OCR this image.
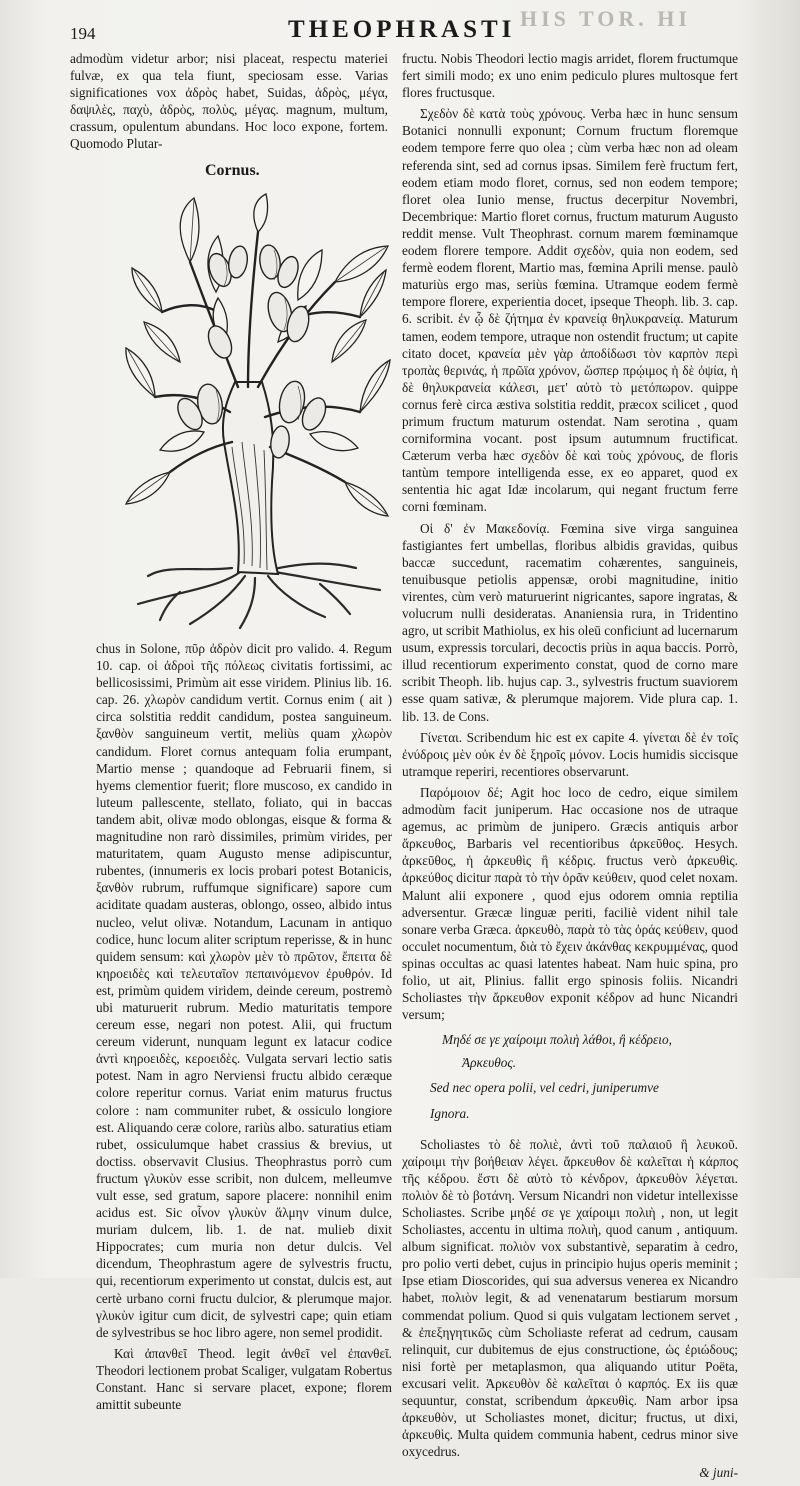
HIS TOR. HI
194	THEOPHRASTI

admodùm videtur arbor; nisi placeat, respectu materiei fulvæ, ex qua tela fiunt, speciosam esse. Varias significationes vox ἀδρὸς habet, Suidas, ἀδρὸς, μέγα, δαψιλὲς, παχὺ, ἀδρὸς, πολὺς, μέγας. magnum, multum, crassum, opulentum abundans. Hoc loco expone, fortem. Quomodo Plutar-

Cornus.

chus in Solone, πῦρ ἀδρὸν dicit pro valido. 4. Regum 10. cap. οἱ ἀδροὶ τῆς πόλεως civitatis fortissimi, ac bellicosissimi, Primùm ait esse viridem. Plinius lib. 16. cap. 26. χλωρὸν candidum vertit. Cornus enim ( ait ) circa solstitia reddit candidum, postea sanguineum. ξανθὸν sanguineum vertit, meliùs quam χλωρὸν candidum. Floret cornus antequam folia erumpant, Martio mense ; quandoque ad Februarii finem, si hyems clementior fuerit; flore muscoso, ex candido in luteum pallescente, stellato, foliato, qui in baccas tandem abit, olivæ modo oblongas, eisque & forma & magnitudine non rarò dissimiles, primùm virides, per maturitatem, quam Augusto mense adipiscuntur, rubentes, (innumeris ex locis probari potest Botanicis, ξανθὸν rubrum, ruffumque significare) sapore cum aciditate quadam austeras, oblongo, osseo, albido intus nucleo, velut olivæ. Notandum, Lacunam in antiquo codice, hunc locum aliter scriptum reperisse, & in hunc quidem sensum: καὶ χλωρὸν μὲν τὸ πρῶτον, ἔπειτα δὲ κηροειδὲς καὶ τελευταῖον πεπαινόμενον ἐρυθρόν. Id est, primùm quidem viridem, deinde cereum, postremò ubi maturuerit rubrum. Medio maturitatis tempore cereum esse, negari non potest. Alii, qui fructum cereum viderunt, nunquam legunt ex latacur codice ἀντὶ κηροειδὲς, κεροειδὲς. Vulgata servari lectio satis potest. Nam in agro Nerviensi fructu albido ceræque colore reperitur cornus. Variat enim maturus fructus colore : nam communiter rubet, & ossiculo longiore est. Aliquando ceræ colore, rariùs albo. saturatius etiam rubet, ossiculumque habet crassius & brevius, ut doctiss. observavit Clusius. Theophrastus porrò cum fructum γλυκὺν esse scribit, non dulcem, melleumve vult esse, sed gratum, sapore placere: nonnihil enim acidus est. Sic οἶνον γλυκὺν ἅλμην vinum dulce, muriam dulcem, lib. 1. de nat. mulieb dixit Hippocrates; cum muria non detur dulcis. Vel dicendum, Theophrastum agere de sylvestris fructu, qui, recentiorum experimento ut constat, dulcis est, aut certè urbano corni fructu dulcior, & plerumque major. γλυκὺν igitur cum dicit, de sylvestri cape; quin etiam de sylvestribus se hoc libro agere, non semel prodidit.

Καὶ ἀπανθεῖ Theod. legit ἀνθεῖ vel ἐπανθεῖ. Theodori lectionem probat Scaliger, vulgatam Robertus Constant. Hanc si servare placet, expone; florem amittit subeunte

fructu. Nobis Theodori lectio magis arridet, florem fructumque fert simili modo; ex uno enim pediculo plures multosque fert flores fructusque.

Σχεδὸν δὲ κατὰ τοὺς χρόνους. Verba hæc in hunc sensum Botanici nonnulli exponunt; Cornum fructum floremque eodem tempore ferre quo olea ; cùm verba hæc non ad oleam referenda sint, sed ad cornus ipsas. Similem ferè fructum fert, eodem etiam modo floret, cornus, sed non eodem tempore; floret olea Iunio mense, fructus decerpitur Novembri, Decembrique: Martio floret cornus, fructum maturum Augusto reddit mense. Vult Theophrast. cornum marem fœminamque eodem florere tempore. Addit σχεδὸν, quia non eodem, sed fermè eodem florent, Martio mas, fœmina Aprili mense. paulò maturiùs ergo mas, seriùs fœmina. Utramque eodem fermè tempore florere, experientia docet, ipseque Theoph. lib. 3. cap. 6. scribit. ἐν ᾧ δὲ ζήτημα ἐν κρανείᾳ θηλυκρανείᾳ. Maturum tamen, eodem tempore, utraque non ostendit fructum; ut capite citato docet, κρανεία μὲν γὰρ ἀποδίδωσι τὸν καρπὸν περὶ τροπὰς θερινάς, ἡ πρῶϊα χρόνον, ὥσπερ πρῴιμος ἡ δὲ ὀψία, ἡ δὲ θηλυκρανεία κάλεσι, μετ' αὐτὸ τὸ μετόπωρον. quippe cornus ferè circa æstiva solstitia reddit, præcox scilicet , quod primum fructum maturum ostendat. Nam serotina , quam corniformina vocant. post ipsum autumnum fructificat. Cæterum verba hæc σχεδὸν δὲ καὶ τοὺς χρόνους, de floris tantùm tempore intelligenda esse, ex eo apparet, quod ex sententia hic agat Idæ incolarum, qui negant fructum ferre corni fœminam.

Οἱ δ' ἐν Μακεδονίᾳ. Fœmina sive virga sanguinea fastigiantes fert umbellas, floribus albidis gravidas, quibus baccæ succedunt, racematim cohærentes, sanguineis, tenuibusque petiolis appensæ, orobi magnitudine, initio virentes, cùm verò maturuerint nigricantes, sapore ingratas, & volucrum nulli desideratas. Ananiensia rura, in Tridentino agro, ut scribit Mathiolus, ex his oleū conficiunt ad lucernarum usum, expressis torculari, decoctis priùs in aqua baccis. Porrò, illud recentiorum experimento constat, quod de corno mare scribit Theoph. lib. hujus cap. 3., sylvestris fructum suaviorem esse quam sativæ, & plerumque majorem. Vide plura cap. 1. lib. 13. de Cons.

Γίνεται. Scribendum hic est ex capite 4. γίνεται δὲ ἐν τοῖς ἐνύδροις μὲν οὐκ ἐν δὲ ξηροῖς μόνον. Locis humidis siccisque utramque reperiri, recentiores observarunt.

Παρόμοιον δέ; Agit hoc loco de cedro, eique similem admodùm facit juniperum. Hac occasione nos de utraque agemus, ac primùm de junipero. Græcis antiquis arbor ἄρκευθος, Barbaris vel recentioribus ἀρκεῦθος. Hesych. ἀρκεῦθος, ἡ ἀρκευθὶς ἢ κέδρις. fructus verò ἀρκευθὶς. ἀρκεύθος dicitur παρὰ τὸ τὴν ὀρᾶν κεύθειν, quod celet noxam. Malunt alii exponere , quod ejus odorem omnia reptilia adversentur. Græcæ linguæ periti, faciliè vident nihil tale sonare verba Græca. ἀρκευθὸ, παρὰ τὸ τὰς ὀράς κεύθειν, quod occulet nocumentum, διὰ τὸ ἔχειν ἀκάνθας κεκρυμμένας, quod spinas occultas ac quasi latentes habeat. Nam huic spina, pro folio, ut ait, Plinius. fallit ergo spinosis foliis. Nicandri Scholiastes τὴν ἄρκευθον exponit κέδρον ad hunc Nicandri versum;

Μηδέ σε γε χαίροιμι πολιὴ λάθοι, ἢ κέδρειο,

Ἀρκευθος.

Sed nec opera polii, vel cedri, juniperumve

Ignora.

Scholiastes τὸ δὲ πολιὲ, ἀντὶ τοῦ παλαιοῦ ἢ λευκοῦ. χαίροιμι τὴν βοήθειαν λέγει. ἄρκευθον δὲ καλεῖται ἡ κάρπος τῆς κέδρου. ἔστι δὲ αὐτὸ τὸ κένδρον, ἀρκευθὸν λέγεται. πολιὸν δὲ τὸ βοτάνη. Versum Nicandri non videtur intellexisse Scholiastes. Scribe μηδέ σε γε χαίροιμι πολιὴ , non, ut legit Scholiastes, accentu in ultima πολιὴ, quod canum , antiquum. album significat. πολιὸν vox substantivè, separatim à cedro, pro polio verti debet, cujus in principio hujus operis meminit ; Ipse etiam Dioscorides, qui sua adversus venerea ex Nicandro habet, πολιὸν legit, & ad venenatarum bestiarum morsum commendat polium. Quod si quis vulgatam lectionem servet , & ἐπεξηγητικῶς cùm Scholiaste referat ad cedrum, causam relinquit, cur dubitemus de ejus constructione, ὡς ἐριώδους; nisi fortè per metaplasmon, qua aliquando utitur Poëta, excusari velit. Ἀρκευθὸν δὲ καλεῖται ὁ καρπός. Ex iis quæ sequuntur, constat, scribendum ἀρκευθὶς. Nam arbor ipsa ἀρκευθὸν, ut Scholiastes monet, dicitur; fructus, ut dixi, ἀρκευθὶς. Multa quidem communia habent, cedrus minor sive oxycedrus.

& juni-
